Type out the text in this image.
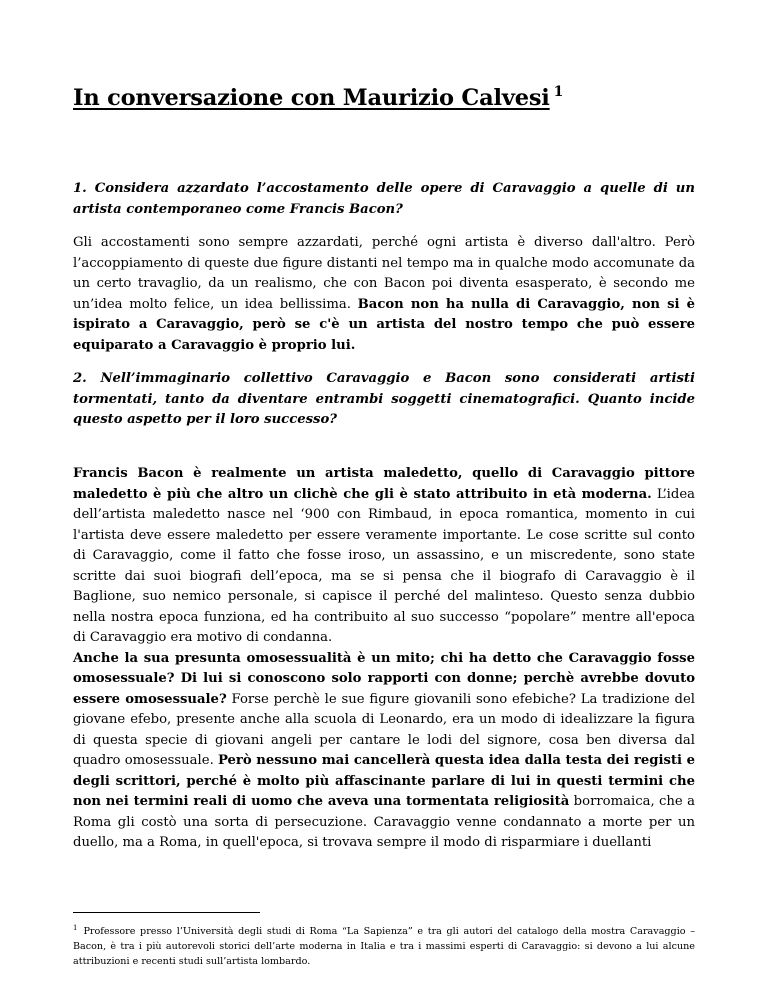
In conversazione con Maurizio Calvesi $^1$

1. Considera azzardato l’accostamento delle opere di Caravaggio a quelle di un artista contemporaneo come Francis Bacon?

Gli accostamenti sono sempre azzardati, perché ogni artista è diverso dall'altro. Però l’accoppiamento di queste due figure distanti nel tempo ma in qualche modo accomunate da un certo travaglio, da un realismo, che con Bacon poi diventa esasperato, è secondo me un’idea molto felice, un idea bellissima. Bacon non ha nulla di Caravaggio, non si è ispirato a Caravaggio, però se c'è un artista del nostro tempo che può essere equiparato a Caravaggio è proprio lui.

2. Nell’immaginario collettivo Caravaggio e Bacon sono considerati artisti tormentati, tanto da diventare entrambi soggetti cinematografici. Quanto incide questo aspetto per il loro successo?

Francis Bacon è realmente un artista maledetto, quello di Caravaggio pittore maledetto è più che altro un clichè che gli è stato attribuito in età moderna. L’idea dell’artista maledetto nasce nel ‘900 con Rimbaud, in epoca romantica, momento in cui l'artista deve essere maledetto per essere veramente importante. Le cose scritte sul conto di Caravaggio, come il fatto che fosse iroso, un assassino, e un miscredente, sono state scritte dai suoi biografi dell’epoca, ma se si pensa che il biografo di Caravaggio è il Baglione, suo nemico personale, si capisce il perché del malinteso. Questo senza dubbio nella nostra epoca funziona, ed ha contribuito al suo successo “popolare” mentre all'epoca di Caravaggio era motivo di condanna.
Anche la sua presunta omosessualità è un mito; chi ha detto che Caravaggio fosse omosessuale? Di lui si conoscono solo rapporti con donne; perchè avrebbe dovuto essere omosessuale? Forse perchè le sue figure giovanili sono efebiche? La tradizione del giovane efebo, presente anche alla scuola di Leonardo, era un modo di idealizzare la figura di questa specie di giovani angeli per cantare le lodi del signore, cosa ben diversa dal quadro omosessuale. Però nessuno mai cancellerà questa idea dalla testa dei registi e degli scrittori, perché è molto più affascinante parlare di lui in questi termini che non nei termini reali di uomo che aveva una tormentata religiosità borromaica, che a Roma gli costò una sorta di persecuzione. Caravaggio venne condannato a morte per un duello, ma a Roma, in quell'epoca, si trovava sempre il modo di risparmiare i duellanti

$^1$ Professore presso l’Università degli studi di Roma “La Sapienza” e tra gli autori del catalogo della mostra Caravaggio – Bacon, è tra i più autorevoli storici dell’arte moderna in Italia e tra i massimi esperti di Caravaggio: si devono a lui alcune attribuzioni e recenti studi sull’artista lombardo.
